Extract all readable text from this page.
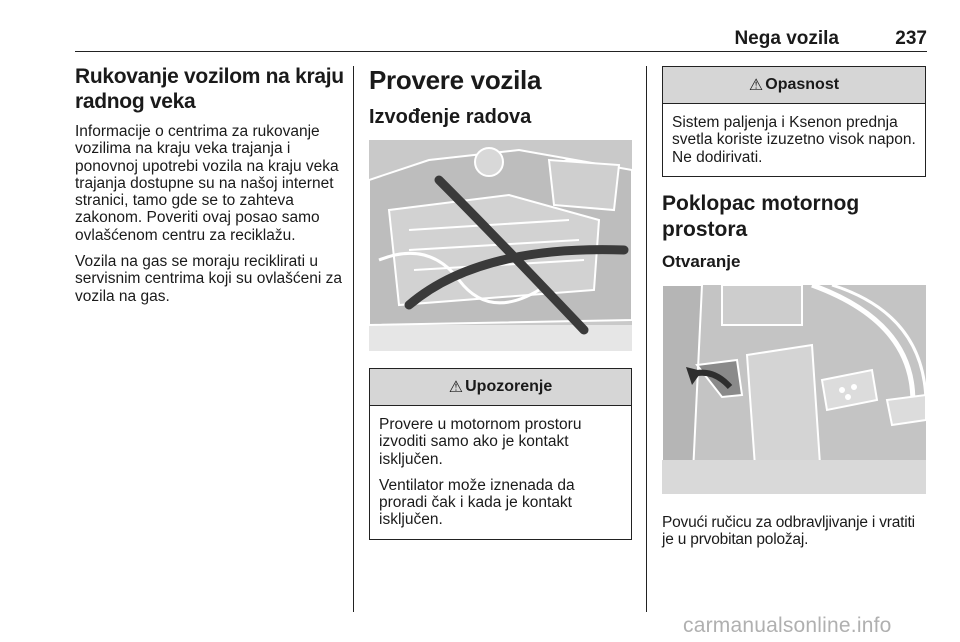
Nega vozila	237
Rukovanje vozilom na kraju radnog veka

Informacije o centrima za rukovanje vozilima na kraju veka trajanja i ponovnoj upotrebi vozila na kraju veka trajanja dostupne su na našoj internet stranici, tamo gde se to zahteva zakonom. Poveriti ovaj posao samo ovlašćenom centru za reciklažu.

Vozila na gas se moraju reciklirati u servisnim centrima koji su ovlašćeni za vozila na gas.

Provere vozila
Izvođenje radova
⚠ Upozorenje

Provere u motornom prostoru izvoditi samo ako je kontakt isključen.

Ventilator može iznenada da proradi čak i kada je kontakt isključen.

⚠ Opasnost

Sistem paljenja i Ksenon prednja svetla koriste izuzetno visok napon. Ne dodirivati.

Poklopac motornog prostora
Otvaranje

Povući ručicu za odbravljivanje i vratiti je u prvobitan položaj.

carmanualsonline.info
